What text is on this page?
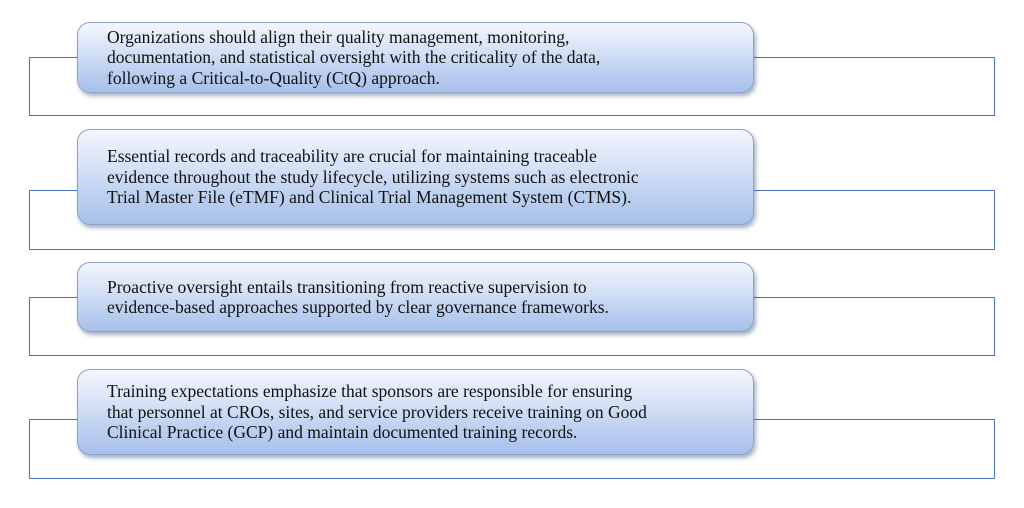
Organizations should align their quality management, monitoring,
documentation, and statistical oversight with the criticality of the data,
following a Critical-to-Quality (CtQ) approach.
Essential records and traceability are crucial for maintaining traceable
evidence throughout the study lifecycle, utilizing systems such as electronic
Trial Master File (eTMF) and Clinical Trial Management System (CTMS).
Proactive oversight entails transitioning from reactive supervision to
evidence-based approaches supported by clear governance frameworks.
Training expectations emphasize that sponsors are responsible for ensuring
that personnel at CROs, sites, and service providers receive training on Good
Clinical Practice (GCP) and maintain documented training records.
